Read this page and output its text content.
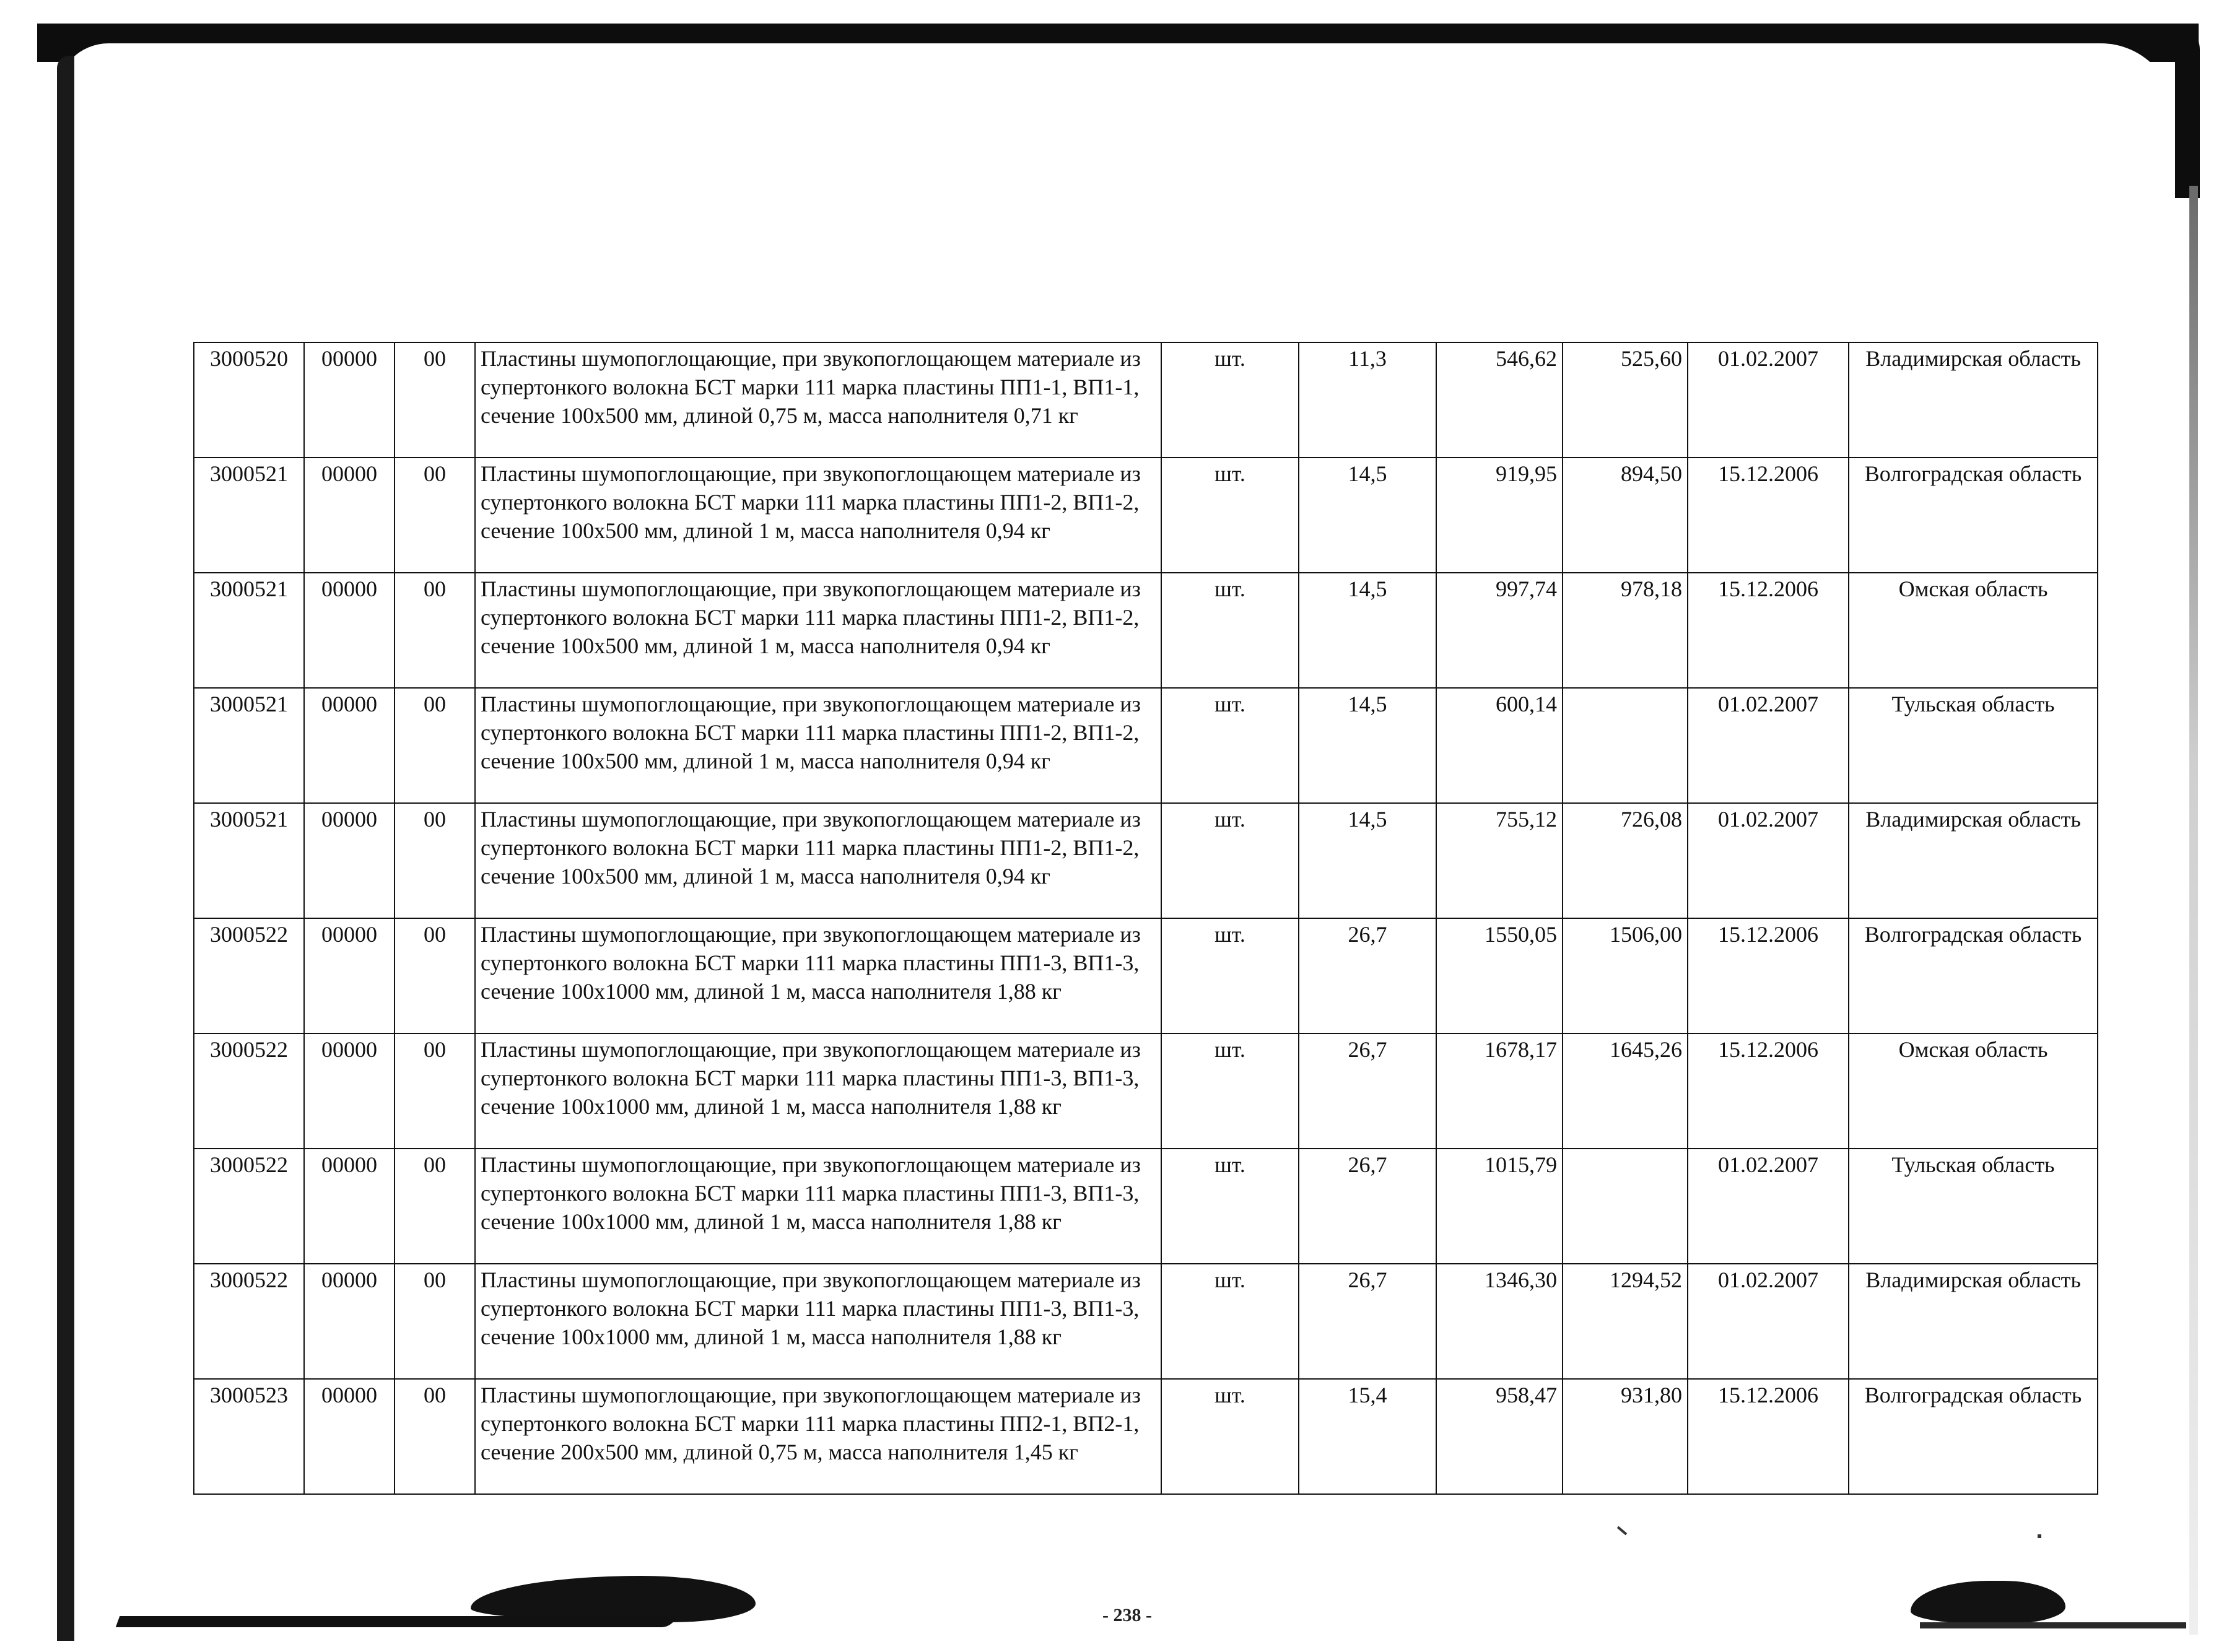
3000520	00000	00	Пластины шумопоглощающие, при звукопоглощающем материале из супертонкого волокна БСТ марки 111 марка пластины ПП1-1, ВП1-1, сечение 100x500 мм, длиной 0,75 м, масса наполнителя 0,71 кг	шт.	11,3	546,62	525,60	01.02.2007	Владимирская область
3000521	00000	00	Пластины шумопоглощающие, при звукопоглощающем материале из супертонкого волокна БСТ марки 111 марка пластины ПП1-2, ВП1-2, сечение 100x500 мм, длиной 1 м, масса наполнителя 0,94 кг	шт.	14,5	919,95	894,50	15.12.2006	Волгоградская область
3000521	00000	00	Пластины шумопоглощающие, при звукопоглощающем материале из супертонкого волокна БСТ марки 111 марка пластины ПП1-2, ВП1-2, сечение 100x500 мм, длиной 1 м, масса наполнителя 0,94 кг	шт.	14,5	997,74	978,18	15.12.2006	Омская область
3000521	00000	00	Пластины шумопоглощающие, при звукопоглощающем материале из супертонкого волокна БСТ марки 111 марка пластины ПП1-2, ВП1-2, сечение 100x500 мм, длиной 1 м, масса наполнителя 0,94 кг	шт.	14,5	600,14		01.02.2007	Тульская область
3000521	00000	00	Пластины шумопоглощающие, при звукопоглощающем материале из супертонкого волокна БСТ марки 111 марка пластины ПП1-2, ВП1-2, сечение 100x500 мм, длиной 1 м, масса наполнителя 0,94 кг	шт.	14,5	755,12	726,08	01.02.2007	Владимирская область
3000522	00000	00	Пластины шумопоглощающие, при звукопоглощающем материале из супертонкого волокна БСТ марки 111 марка пластины ПП1-3, ВП1-3, сечение 100x1000 мм, длиной 1 м, масса наполнителя 1,88 кг	шт.	26,7	1550,05	1506,00	15.12.2006	Волгоградская область
3000522	00000	00	Пластины шумопоглощающие, при звукопоглощающем материале из супертонкого волокна БСТ марки 111 марка пластины ПП1-3, ВП1-3, сечение 100x1000 мм, длиной 1 м, масса наполнителя 1,88 кг	шт.	26,7	1678,17	1645,26	15.12.2006	Омская область
3000522	00000	00	Пластины шумопоглощающие, при звукопоглощающем материале из супертонкого волокна БСТ марки 111 марка пластины ПП1-3, ВП1-3, сечение 100x1000 мм, длиной 1 м, масса наполнителя 1,88 кг	шт.	26,7	1015,79		01.02.2007	Тульская область
3000522	00000	00	Пластины шумопоглощающие, при звукопоглощающем материале из супертонкого волокна БСТ марки 111 марка пластины ПП1-3, ВП1-3, сечение 100x1000 мм, длиной 1 м, масса наполнителя 1,88 кг	шт.	26,7	1346,30	1294,52	01.02.2007	Владимирская область
3000523	00000	00	Пластины шумопоглощающие, при звукопоглощающем материале из супертонкого волокна БСТ марки 111 марка пластины ПП2-1, ВП2-1, сечение 200x500 мм, длиной 0,75 м, масса наполнителя 1,45 кг	шт.	15,4	958,47	931,80	15.12.2006	Волгоградская область
- 238 -
